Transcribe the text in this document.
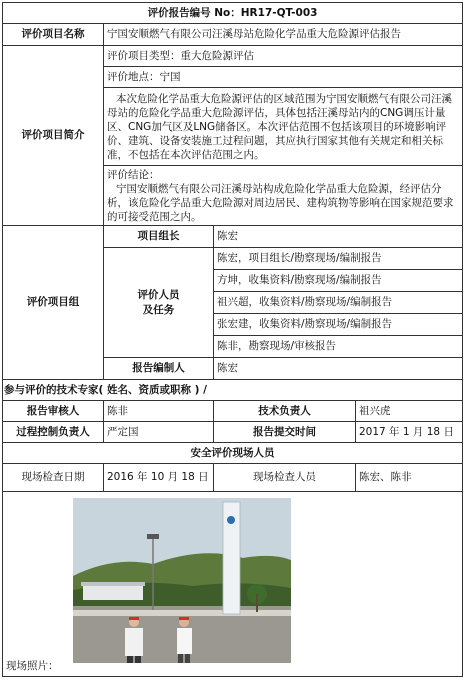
评价报告编号 No：HR17-QT-003			
评价项目名称	宁国安顺燃气有限公司汪溪母站危险化学品重大危险源评估报告		
评价项目简介	评价项目类型：重大危险源评估		
	评价地点：宁国		
	本次危险化学品重大危险源评估的区域范围为宁国安顺燃气有限公司汪溪母站的危险化学品重大危险源评估，具体包括汪溪母站内的CNG调压计量区、CNG加气区及LNG储备区。本次评估范围不包括该项目的环境影响评价、建筑、设备安装施工过程问题，其应执行国家其他有关规定和相关标准，不包括在本次评估范围之内。		

	评价结论：
宁国安顺燃气有限公司汪溪母站构成危险化学品重大危险源，经评估分析，该危险化学品重大危险源对周边居民、建构筑物等影响在国家规范要求的可接受范围之内。		

评价项目组	项目组长	陈宏	

	评价人员
及任务	陈宏，项目组长/勘察现场/编制报告	
		方坤，收集资料/勘察现场/编制报告	
		祖兴超，收集资料/勘察现场/编制报告	
		张宏建，收集资料/勘察现场/编制报告	
		陈非，勘察现场/审核报告	
	报告编制人	陈宏	
参与评价的技术专家( 姓名、资质或职称 ) /			
报告审核人	陈非	技术负责人	祖兴虎
过程控制负责人	严定国	报告提交时间	2017 年 1 月 18 日
安全评价现场人员			
现场检查日期	2016 年 10 月 18 日	现场检查人员	陈宏、陈非

现场照片：			
